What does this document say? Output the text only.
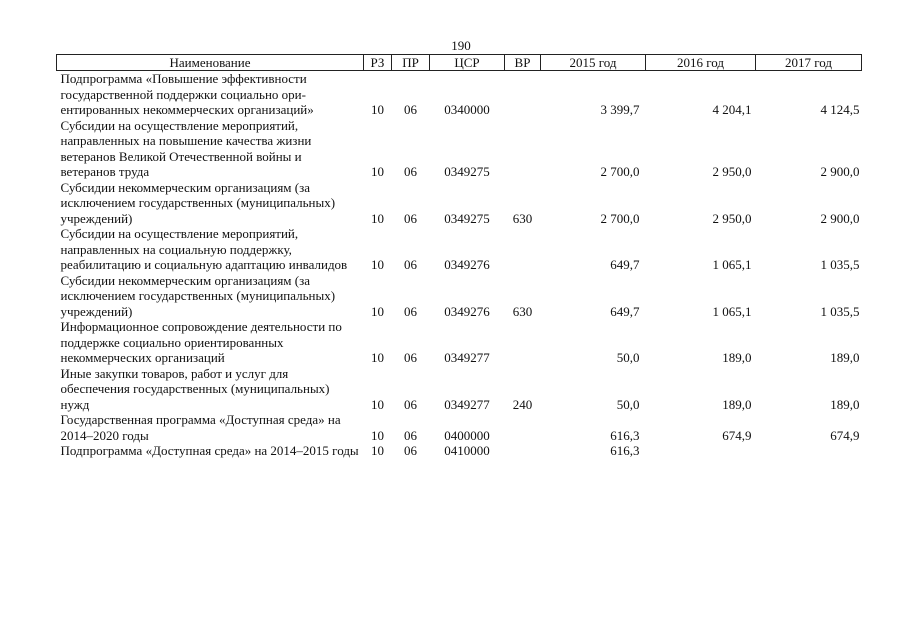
190
Наименование	РЗ	ПР	ЦСР	ВР	2015 год	2016 год	2017 год
Подпрограмма «Повышение эффективности государственной поддержки социально ориентированных некоммерческих организаций»	10	06	0340000		3 399,7	4 204,1	4 124,5
Субсидии на осуществление мероприятий, направленных на повышение качества жизни ветеранов Великой Отечественной войны и ветеранов труда	10	06	0349275		2 700,0	2 950,0	2 900,0
Субсидии некоммерческим организациям (за исключением государственных (муниципальных) учреждений)	10	06	0349275	630	2 700,0	2 950,0	2 900,0
Субсидии на осуществление мероприятий, направленных на социальную поддержку, реабилитацию и социальную адаптацию инвалидов	10	06	0349276		649,7	1 065,1	1 035,5
Субсидии некоммерческим организациям (за исключением государственных (муниципальных) учреждений)	10	06	0349276	630	649,7	1 065,1	1 035,5
Информационное сопровождение деятельности по поддержке социально ориентированных некоммерческих организаций	10	06	0349277		50,0	189,0	189,0
Иные закупки товаров, работ и услуг для обеспечения государственных (муниципальных) нужд	10	06	0349277	240	50,0	189,0	189,0
Государственная программа «Доступная среда» на 2014–2020 годы	10	06	0400000		616,3	674,9	674,9
Подпрограмма «Доступная среда» на 2014–2015 годы	10	06	0410000		616,3		
